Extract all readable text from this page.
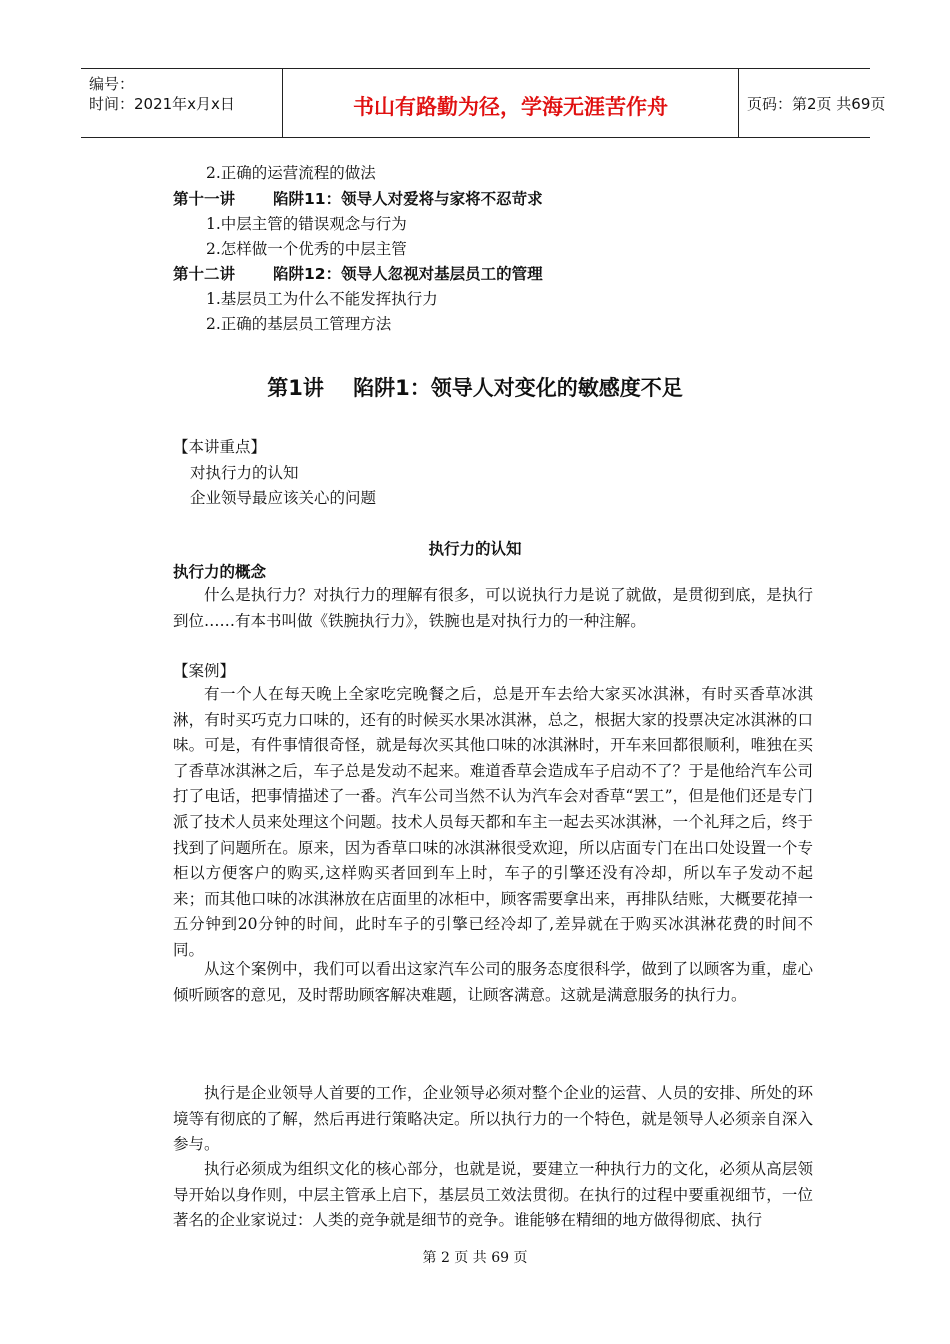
编号：
时间：2021年x月x日	书山有路勤为径，学海无涯苦作舟	页码：第2页 共69页
2.正确的运营流程的做法
第十一讲 陷阱11：领导人对爱将与家将不忍苛求
1.中层主管的错误观念与行为
2.怎样做一个优秀的中层主管
第十二讲 陷阱12：领导人忽视对基层员工的管理
1.基层员工为什么不能发挥执行力
2.正确的基层员工管理方法
第1讲    陷阱1：领导人对变化的敏感度不足
【本讲重点】
对执行力的认知
企业领导最应该关心的问题
执行力的认知
执行力的概念

什么是执行力？对执行力的理解有很多，可以说执行力是说了就做，是贯彻到底，是执行到位……有本书叫做《铁腕执行力》，铁腕也是对执行力的一种注解。

【案例】

有一个人在每天晚上全家吃完晚餐之后，总是开车去给大家买冰淇淋，有时买香草冰淇淋，有时买巧克力口味的，还有的时候买水果冰淇淋，总之，根据大家的投票决定冰淇淋的口味。可是，有件事情很奇怪，就是每次买其他口味的冰淇淋时，开车来回都很顺利，唯独在买了香草冰淇淋之后，车子总是发动不起来。难道香草会造成车子启动不了？于是他给汽车公司打了电话，把事情描述了一番。汽车公司当然不认为汽车会对香草“罢工”，但是他们还是专门派了技术人员来处理这个问题。技术人员每天都和车主一起去买冰淇淋，一个礼拜之后，终于找到了问题所在。原来，因为香草口味的冰淇淋很受欢迎，所以店面专门在出口处设置一个专柜以方便客户的购买,这样购买者回到车上时，车子的引擎还没有冷却，所以车子发动不起来；而其他口味的冰淇淋放在店面里的冰柜中，顾客需要拿出来，再排队结账，大概要花掉一五分钟到20分钟的时间，此时车子的引擎已经冷却了,差异就在于购买冰淇淋花费的时间不同。

从这个案例中，我们可以看出这家汽车公司的服务态度很科学，做到了以顾客为重，虚心倾听顾客的意见，及时帮助顾客解决难题，让顾客满意。这就是满意服务的执行力。

执行是企业领导人首要的工作，企业领导必须对整个企业的运营、人员的安排、所处的环境等有彻底的了解，然后再进行策略决定。所以执行力的一个特色，就是领导人必须亲自深入参与。

执行必须成为组织文化的核心部分，也就是说，要建立一种执行力的文化，必须从高层领导开始以身作则，中层主管承上启下，基层员工效法贯彻。在执行的过程中要重视细节，一位著名的企业家说过：人类的竞争就是细节的竞争。谁能够在精细的地方做得彻底、执行

第 2 页 共 69 页
